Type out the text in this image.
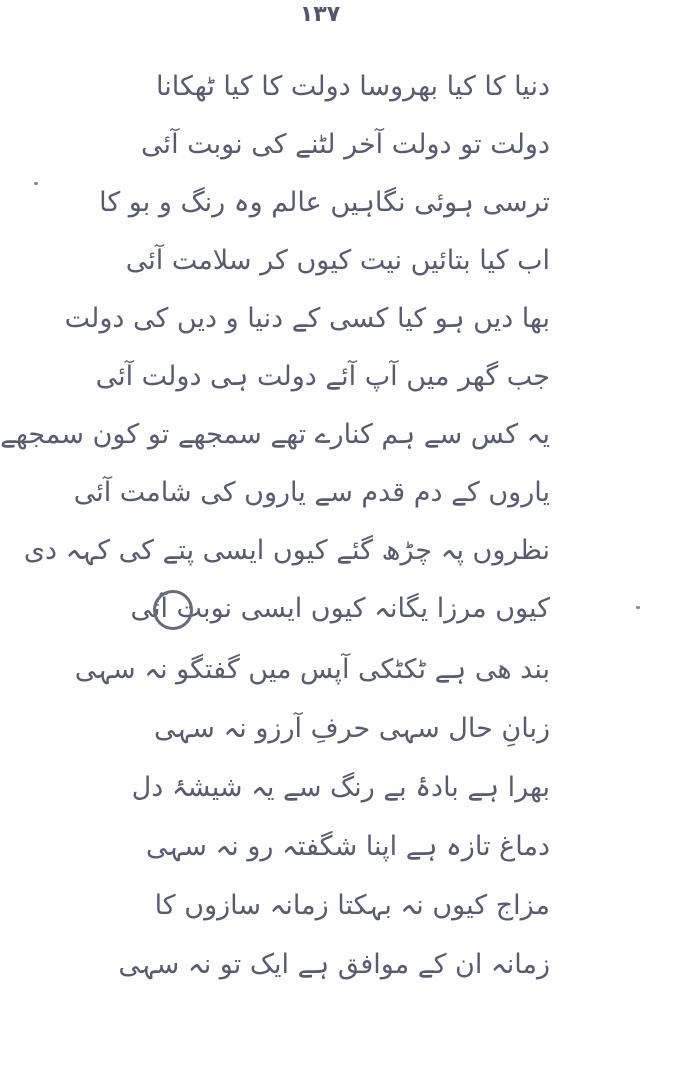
۱۳۷
دنیا کا کیا بھروسا دولت کا کیا ٹھکانا
دولت تو دولت آخر لٹنے کی نوبت آئی
ترسی ہوئی نگاہیں عالم وہ رنگ و بو کا
اب کیا بتائیں نیت کیوں کر سلامت آئی
بھا دیں ہو کیا کسی کے دنیا و دیں کی دولت
جب گھر میں آپ آئے دولت ہی دولت آئی
یہ کس سے ہم کنارے تھے سمجھے تو کون سمجھے
یاروں کے دم قدم سے یاروں کی شامت آئی
نظروں پہ چڑھ گئے کیوں ایسی پتے کی کہہ دی
کیوں مرزا یگانہ کیوں ایسی نوبت آئی
بند ھی ہے ٹکٹکی آپس میں گفتگو نہ سہی
زبانِ حال سہی حرفِ آرزو نہ سہی
بھرا ہے بادۂ بے رنگ سے یہ شیشۂ دل
دماغ تازہ ہے اپنا شگفتہ رو نہ سہی
مزاج کیوں نہ بہکتا زمانہ سازوں کا
زمانہ ان کے موافق ہے ایک تو نہ سہی
